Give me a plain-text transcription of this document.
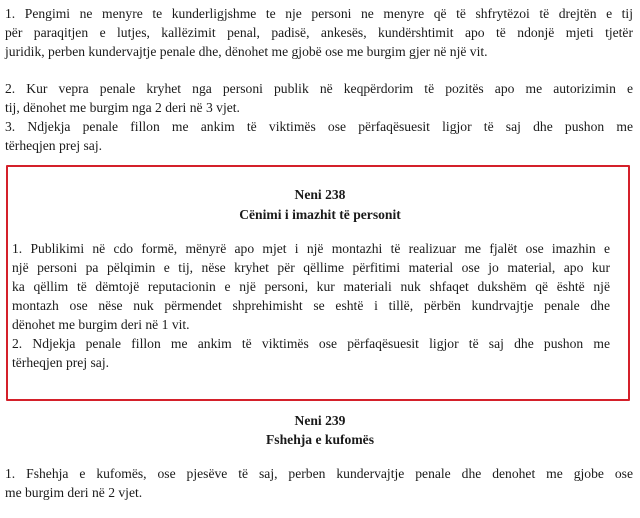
1. Pengimi ne menyre te kunderligjshme te nje personi ne menyre që të shfrytëzoi të drejtën e tij
për paraqitjen e lutjes, kallëzimit penal, padisë, ankesës, kundërshtimit apo të ndonjë mjeti tjetër
juridik, perben kundervajtje penale dhe, dënohet me gjobë ose me burgim gjer në një vit.

2. Kur vepra penale kryhet nga personi publik në keqpërdorim të pozitës apo me autorizimin e
tij, dënohet me burgim nga 2 deri në 3 vjet.

3. Ndjekja penale fillon me ankim të viktimës ose përfaqësuesit ligjor të saj dhe pushon me
tërheqjen prej saj.

Neni 238

Cënimi i imazhit të personit

1. Publikimi në cdo formë, mënyrë apo mjet i një montazhi të realizuar me fjalët ose imazhin e
një personi pa pëlqimin e tij, nëse kryhet për qëllime përfitimi material ose jo material, apo kur
ka qëllim të dëmtojë reputacionin e një personi, kur materiali nuk shfaqet dukshëm që është një
montazh ose nëse nuk përmendet shprehimisht se eshtë i tillë, përbën kundrvajtje penale dhe
dënohet me burgim deri në 1 vit.

2. Ndjekja penale fillon me ankim të viktimës ose përfaqësuesit ligjor të saj dhe pushon me
tërheqjen prej saj.

Neni 239

Fshehja e kufomës

1. Fshehja e kufomës, ose pjesëve të saj, perben kundervajtje penale dhe denohet me gjobe ose
me burgim deri në 2 vjet.
